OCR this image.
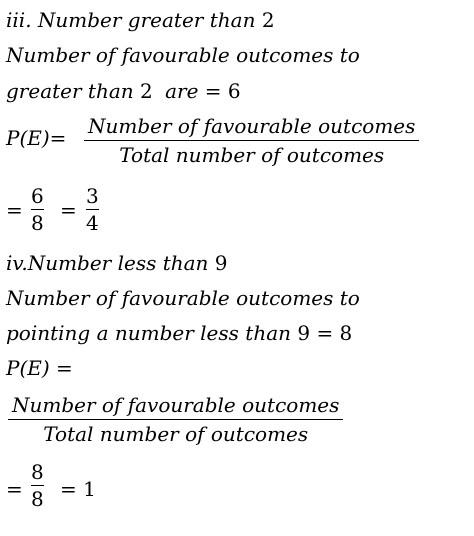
iii. Number greater than 2
Number of favourable outcomes to
greater than 2 are = 6
P(E)= Number of favourable outcomes
Total number of outcomes
=
6
8
=
3
4
iv.Number less than 9
Number of favourable outcomes to
pointing a number less than 9 = 8
P(E) =
Number of favourable outcomes
Total number of outcomes
=
8
8 = 1
